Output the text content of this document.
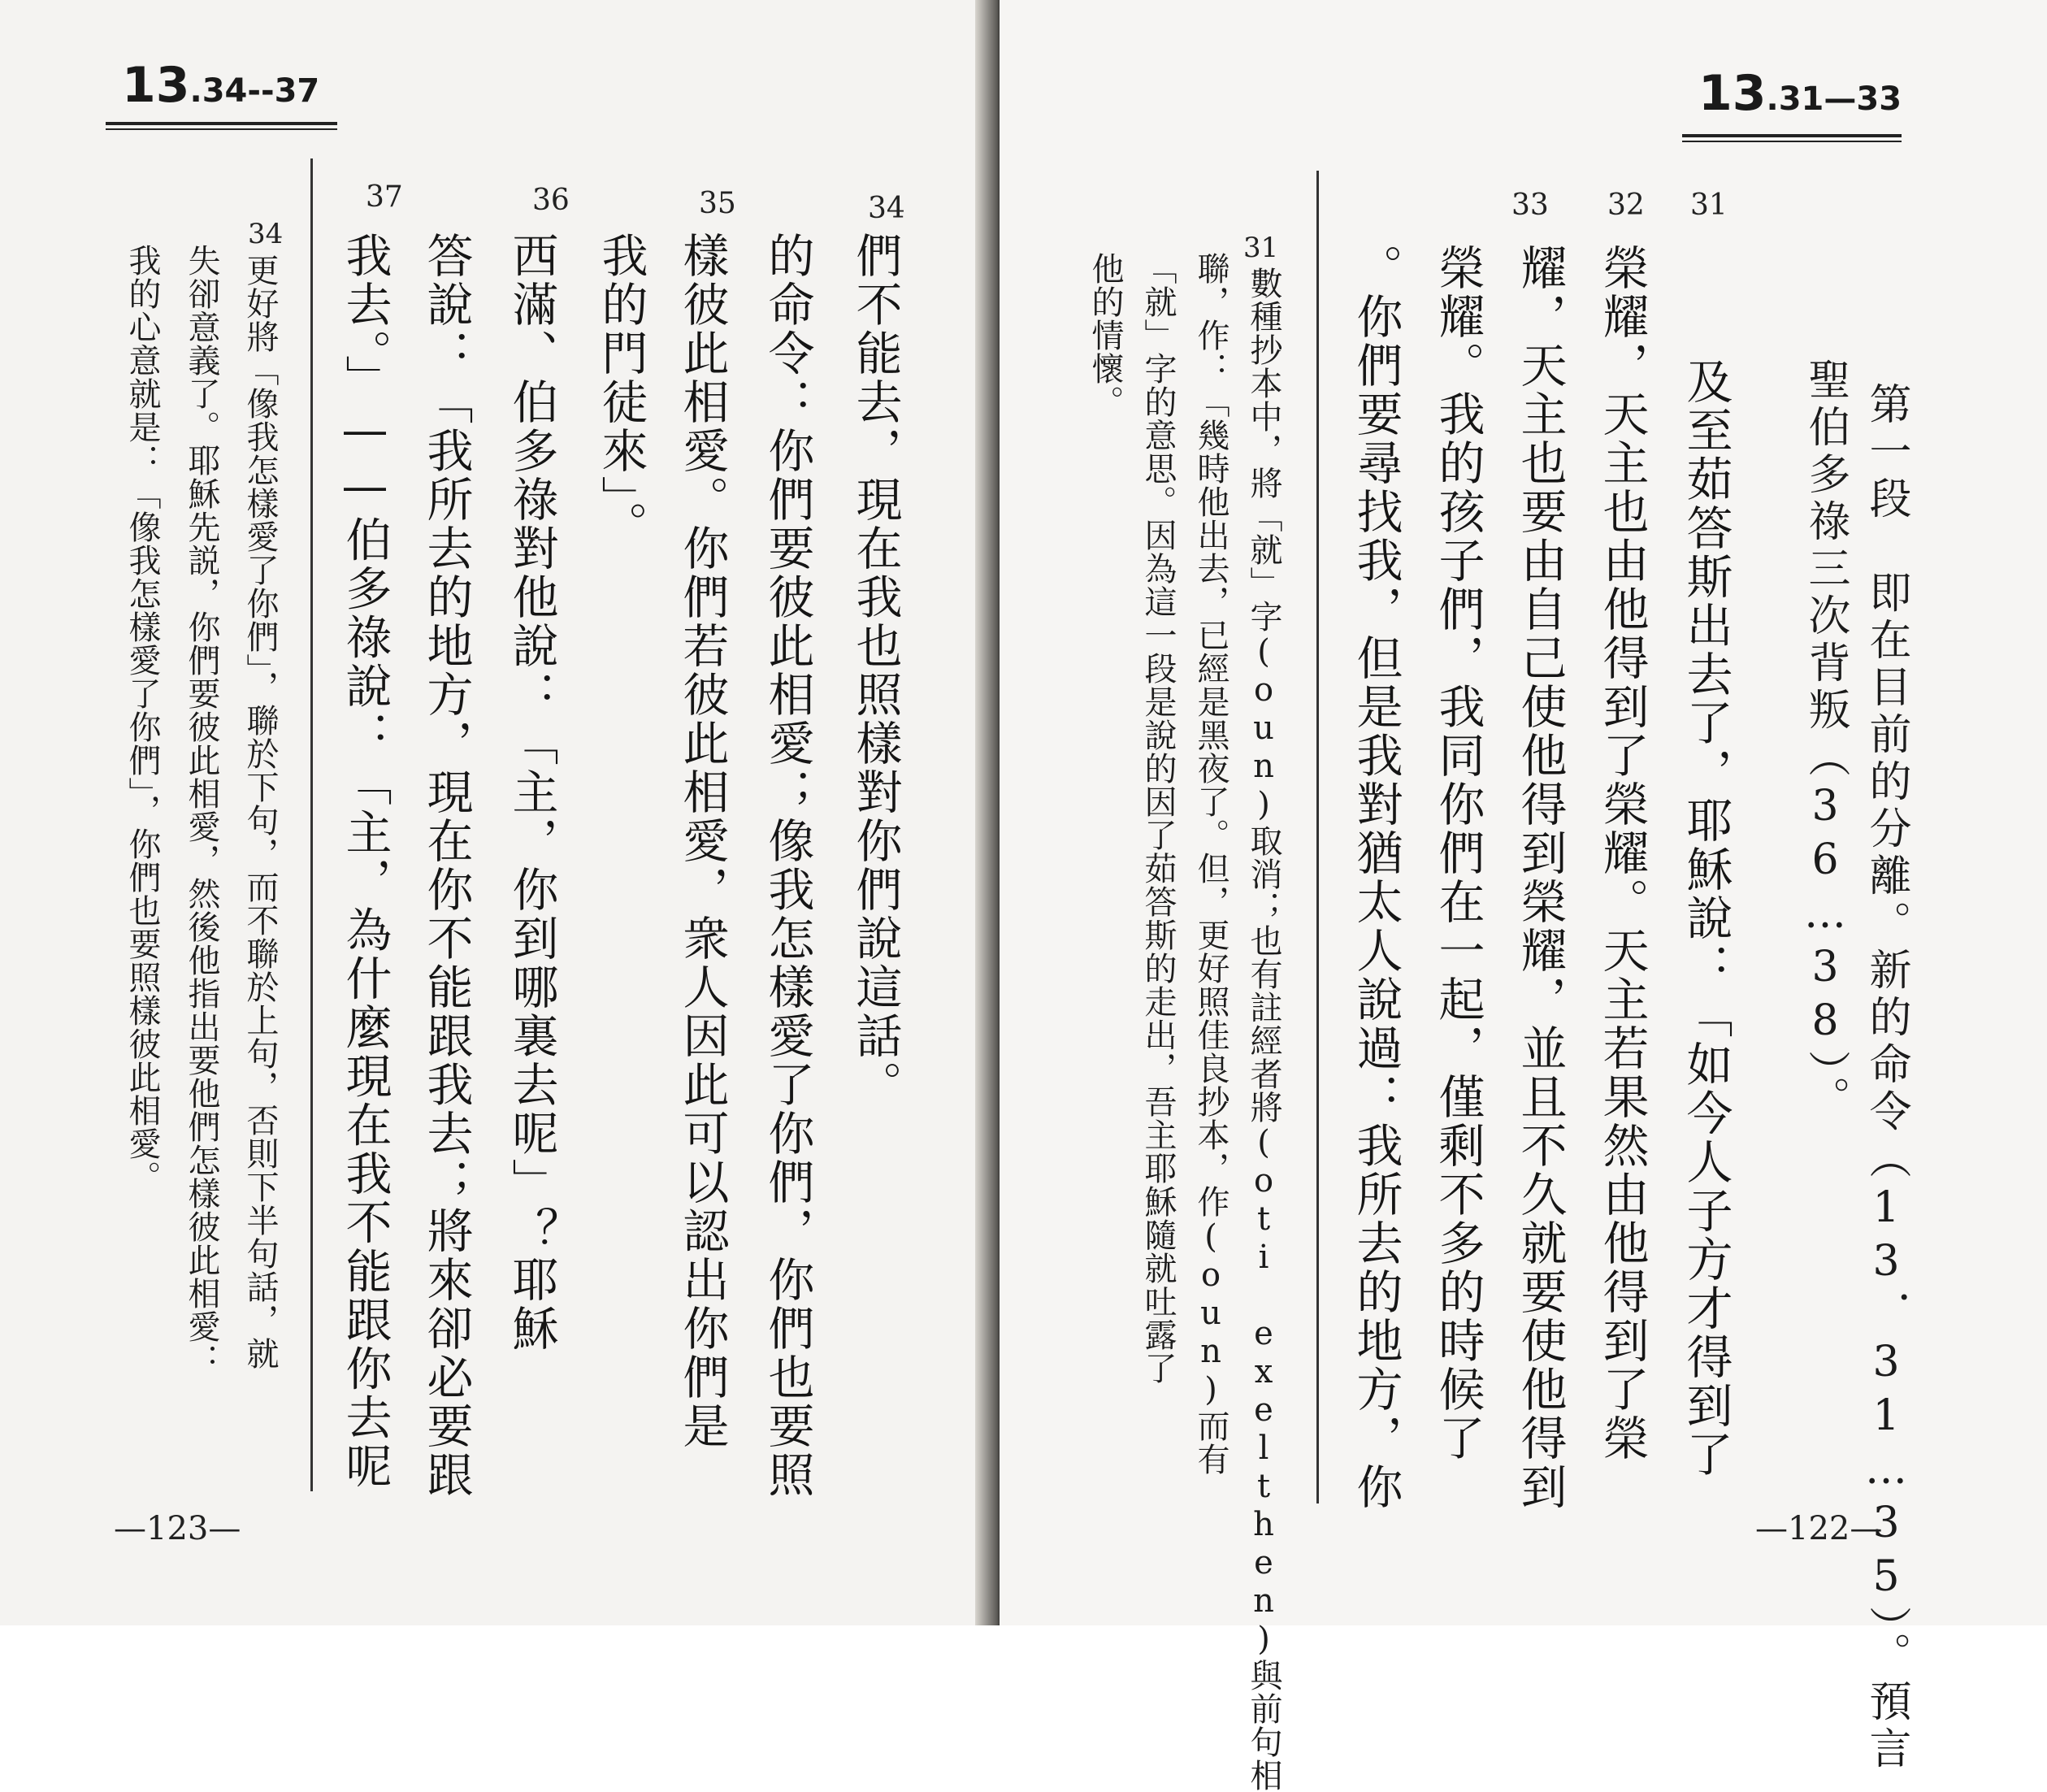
13.34--37
37	36	35	34
們不能去，現在我也照樣對你們說這話。
的命令：你們要彼此相愛；像我怎樣愛了你們，你們也要照
樣彼此相愛。你們若彼此相愛，衆人因此可以認出你們是
我的門徒來」。
西滿、伯多祿對他說：「主，你到哪裏去呢」？耶穌
答說：「我所去的地方，現在你不能跟我去；將來卻必要跟
我去。」——伯多祿說：「主，為什麼現在我不能跟你去呢
34
更好將「像我怎樣愛了你們」，聯於下句，而不聯於上句，否則下半句話，就
失卻意義了。耶穌先説，你們要彼此相愛，然後他指出要他們怎樣彼此相愛：
我的心意就是：「像我怎樣愛了你們」，你們也要照樣彼此相愛。
—123—
13.31—33
第一段　即在目前的分離。新的命令（13．31…35）。預言
聖伯多祿三次背叛（36…38）。
33 32 31
及至茹答斯出去了，耶穌說：「如今人子方才得到了
榮耀，天主也由他得到了榮耀。天主若果然由他得到了榮
耀，天主也要由自己使他得到榮耀，並且不久就要使他得到
榮耀。我的孩子們，我同你們在一起，僅剩不多的時候了
。你們要尋找我，但是我對猶太人說過：我所去的地方，你
31
數種抄本中，將「就」字(oun)取消；也有註經者將(oti exelthen)與前句相
聯，作：「幾時他出去，已經是黑夜了。但，更好照佳良抄本，作(oun)而有
「就」字的意思。因為這一段是說的因了茹答斯的走出，吾主耶穌隨就吐露了
他的情懷。
—122—
